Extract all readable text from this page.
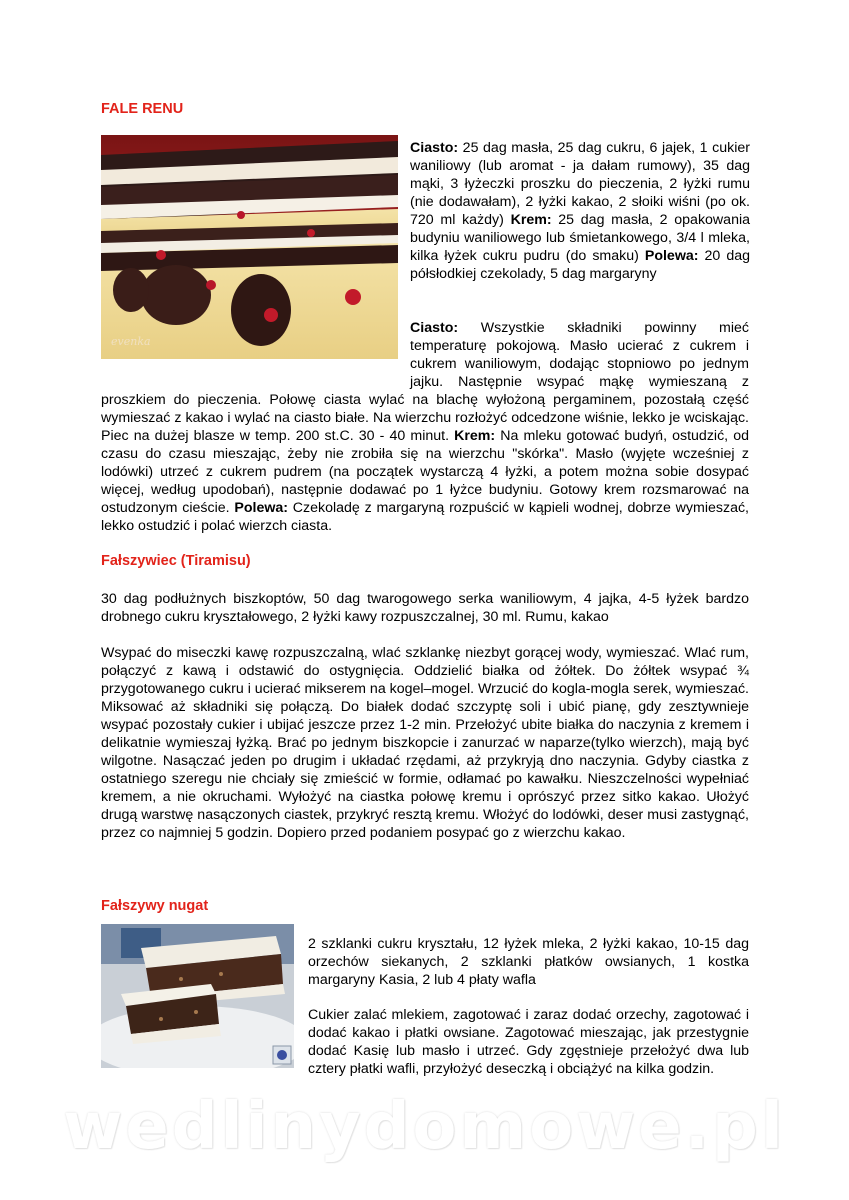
FALE RENU
evenka

Ciasto: 25 dag masła, 25 dag cukru, 6 jajek, 1 cukier waniliowy (lub aromat - ja dałam rumowy), 35 dag mąki, 3 łyżeczki proszku do pieczenia, 2 łyżki rumu (nie dodawałam), 2 łyżki kakao, 2 słoiki wiśni (po ok. 720 ml każdy) Krem: 25 dag masła, 2 opakowania budyniu waniliowego lub śmietankowego, 3/4 l mleka, kilka łyżek cukru pudru (do smaku) Polewa: 20 dag półsłodkiej czekolady, 5 dag margaryny

Ciasto: Wszystkie składniki powinny mieć temperaturę pokojową. Masło ucierać z cukrem i cukrem waniliowym, dodając stopniowo po jednym jajku. Następnie wsypać mąkę wymieszaną z proszkiem do pieczenia. Połowę ciasta wylać na blachę wyłożoną pergaminem, pozostałą część wymieszać z kakao i wylać na ciasto białe. Na wierzchu rozłożyć odcedzone wiśnie, lekko je wciskając. Piec na dużej blasze w temp. 200 st.C. 30 - 40 minut. Krem: Na mleku gotować budyń, ostudzić, od czasu do czasu mieszając, żeby nie zrobiła się na wierzchu "skórka". Masło (wyjęte wcześniej z lodówki) utrzeć z cukrem pudrem (na początek wystarczą 4 łyżki, a potem można sobie dosypać więcej, według upodobań), następnie dodawać po 1 łyżce budyniu. Gotowy krem rozsmarować na ostudzonym cieście. Polewa: Czekoladę z margaryną rozpuścić w kąpieli wodnej, dobrze wymieszać, lekko ostudzić i polać wierzch ciasta.

Fałszywiec (Tiramisu)

30 dag podłużnych biszkoptów, 50 dag twarogowego serka waniliowym, 4 jajka, 4-5 łyżek bardzo drobnego cukru kryształowego, 2 łyżki kawy rozpuszczalnej, 30 ml. Rumu, kakao

Wsypać do miseczki kawę rozpuszczalną, wlać szklankę niezbyt gorącej wody, wymieszać. Wlać rum, połączyć z kawą i odstawić do ostygnięcia. Oddzielić białka od żółtek. Do żółtek wsypać ¾ przygotowanego cukru i ucierać mikserem na kogel–mogel. Wrzucić do kogla-mogla serek, wymieszać. Miksować aż składniki się połączą. Do białek dodać szczyptę soli i ubić pianę, gdy zesztywnieje wsypać pozostały cukier i ubijać jeszcze przez 1-2 min. Przełożyć ubite białka do naczynia z kremem i delikatnie wymieszaj łyżką. Brać po jednym biszkopcie i zanurzać w naparze(tylko wierzch), mają być wilgotne. Nasączać jeden po drugim i układać rzędami, aż przykryją dno naczynia. Gdyby ciastka z ostatniego szeregu nie chciały się zmieścić w formie, odłamać po kawałku. Nieszczelności wypełniać kremem, a nie okruchami. Wyłożyć na ciastka połowę kremu i oprószyć przez sitko kakao. Ułożyć drugą warstwę nasączonych ciastek, przykryć resztą kremu. Włożyć do lodówki, deser musi zastygnąć, przez co najmniej 5 godzin. Dopiero przed podaniem posypać go z wierzchu kakao.

Fałszywy nugat

2 szklanki cukru kryształu, 12 łyżek mleka, 2 łyżki kakao, 10-15 dag orzechów siekanych, 2 szklanki płatków owsianych, 1 kostka margaryny Kasia, 2 lub 4 płaty wafla

Cukier zalać mlekiem, zagotować i zaraz dodać orzechy, zagotować i dodać kakao i płatki owsiane. Zagotować mieszając, jak przestygnie dodać Kasię lub masło i utrzeć. Gdy zgęstnieje przełożyć dwa lub cztery płatki wafli, przyłożyć deseczką i obciążyć na kilka godzin.

wedlinydomowe.pl
